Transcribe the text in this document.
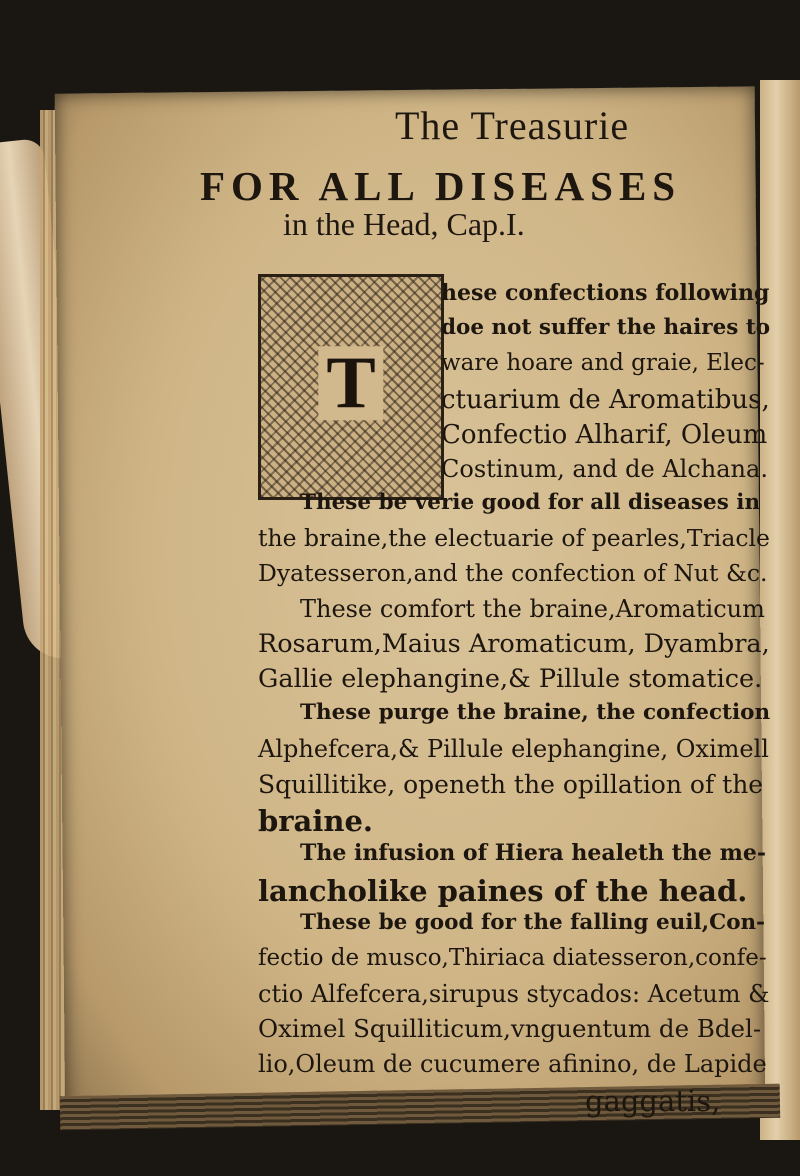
The Treasurie
FOR ALL DISEASES
in the Head, Cap.I.
T
hese confections following
doe not suffer the haires to
ware hoare and graie, Elec-
ctuarium de Aromatibus,
Confectio Alharif, Oleum
Costinum, and de Alchana.
These be verie good for all diseases in
the braine,the electuarie of pearles,Triacle
Dyatesseron,and the confection of Nut &c.
These comfort the braine,Aromaticum
Rosarum,Maius Aromaticum, Dyambra,
Gallie elephangine,& Pillule stomatice.
These purge the braine, the confection
Alphefcera,& Pillule elephangine, Oximell
Squillitike, openeth the opillation of the
braine.
The infusion of Hiera healeth the me-
lancholike paines of the head.
These be good for the falling euil,Con-
fectio de musco,Thiriaca diatesseron,confe-
ctio Alfefcera,sirupus stycados: Acetum &
Oximel Squilliticum,vnguentum de Bdel-
lio,Oleum de cucumere afinino, de Lapide
gaggatis,
